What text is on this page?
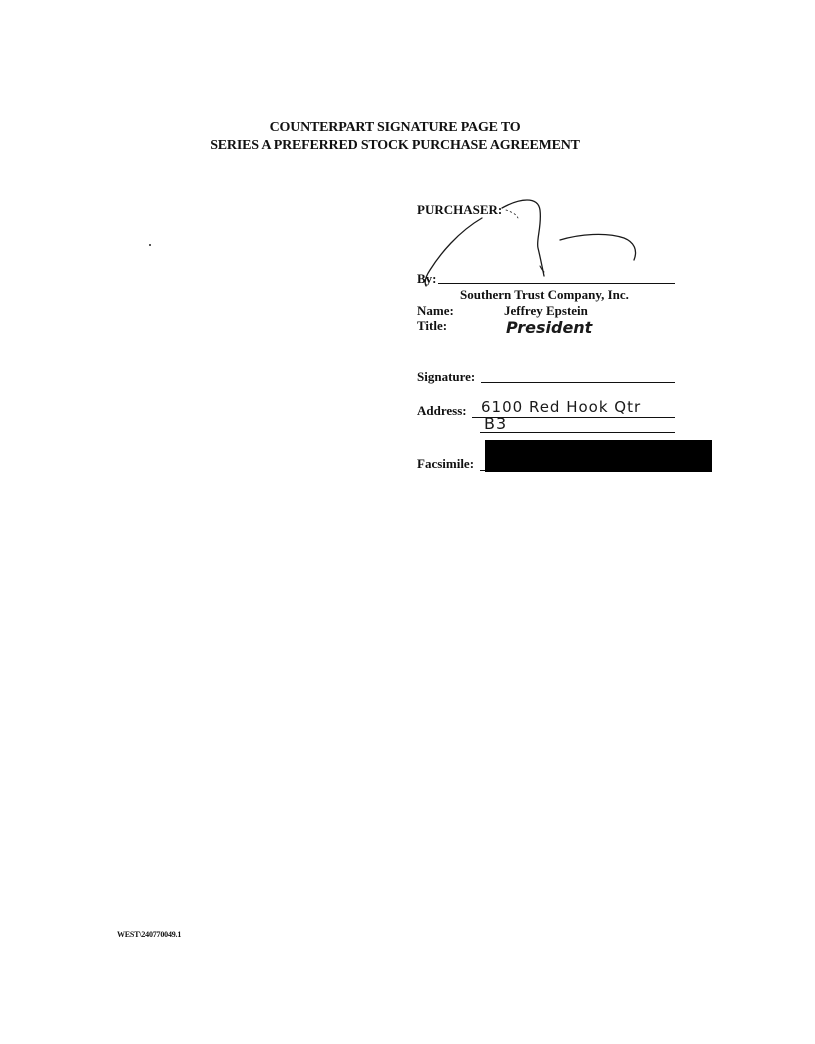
COUNTERPART SIGNATURE PAGE TO
SERIES A PREFERRED STOCK PURCHASE AGREEMENT
PURCHASER:
By:
Southern Trust Company, Inc.
Name:	Jeffrey Epstein
Title:	President
Signature:
Address: 6100 Red Hook Qtr
B3
Facsimile:
WEST\240770049.1
